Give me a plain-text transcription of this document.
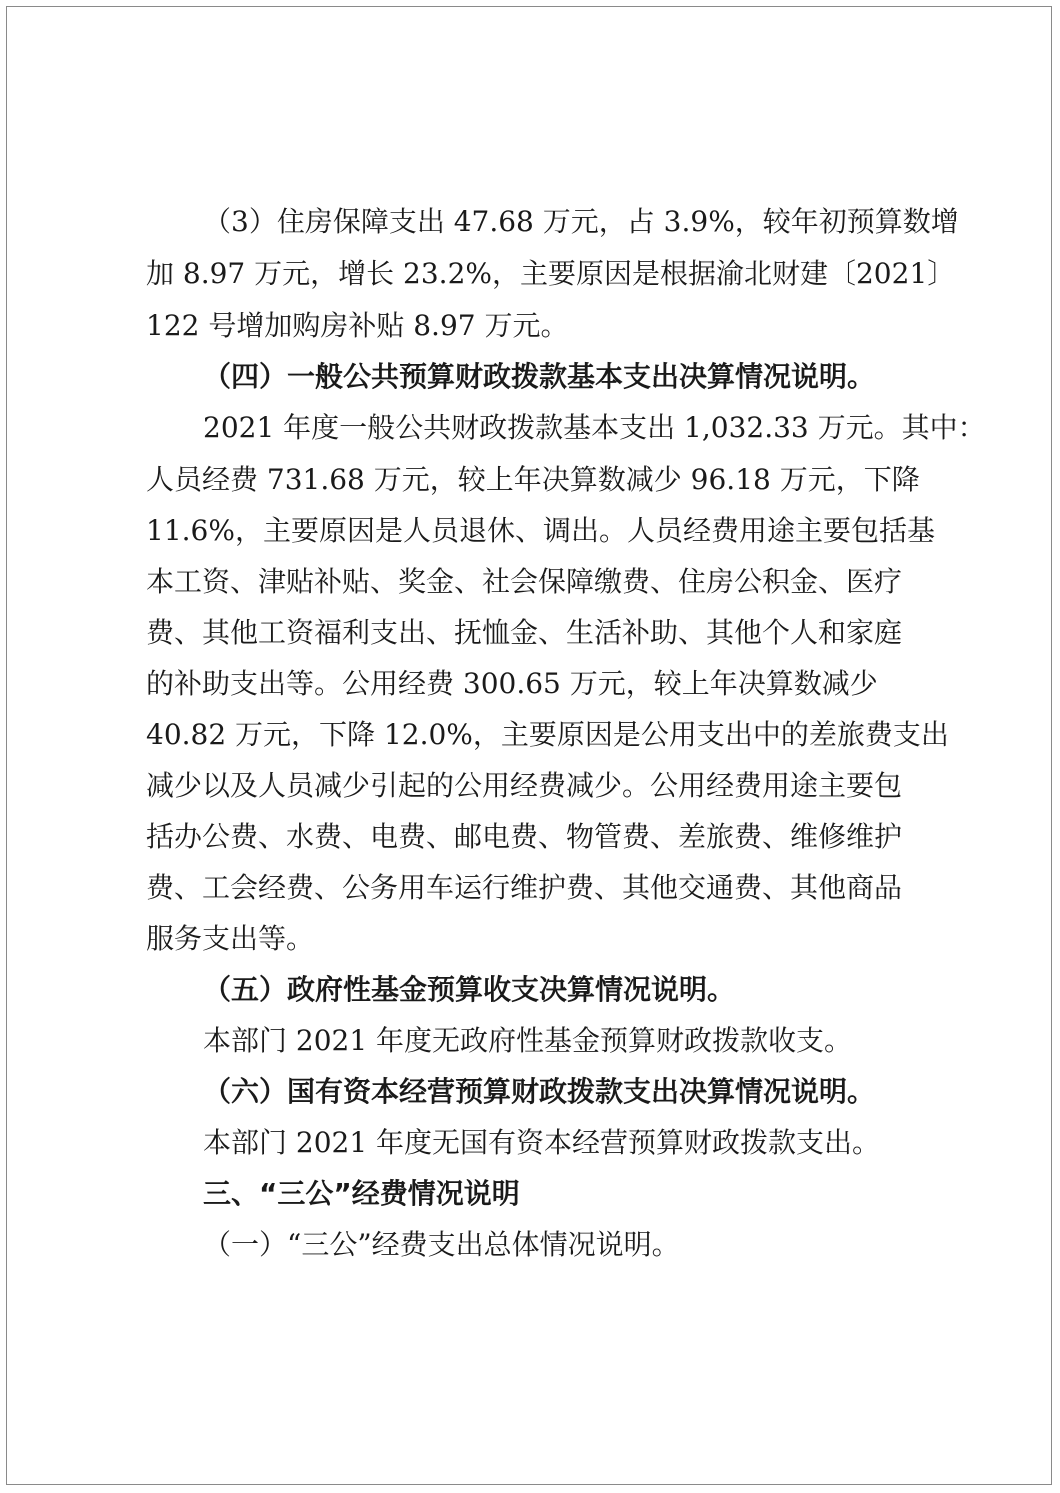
（3）住房保障支出 47.68 万元，占 3.9%，较年初预算数增
加 8.97 万元，增长 23.2%，主要原因是根据渝北财建〔2021〕
122 号增加购房补贴 8.97 万元。
（四）一般公共预算财政拨款基本支出决算情况说明。
2021 年度一般公共财政拨款基本支出 1,032.33 万元。其中：
人员经费 731.68 万元，较上年决算数减少 96.18 万元，下降
11.6%，主要原因是人员退休、调出。人员经费用途主要包括基
本工资、津贴补贴、奖金、社会保障缴费、住房公积金、医疗
费、其他工资福利支出、抚恤金、生活补助、其他个人和家庭
的补助支出等。公用经费 300.65 万元，较上年决算数减少
40.82 万元，下降 12.0%，主要原因是公用支出中的差旅费支出
减少以及人员减少引起的公用经费减少。公用经费用途主要包
括办公费、水费、电费、邮电费、物管费、差旅费、维修维护
费、工会经费、公务用车运行维护费、其他交通费、其他商品
服务支出等。
（五）政府性基金预算收支决算情况说明。
本部门 2021 年度无政府性基金预算财政拨款收支。
（六）国有资本经营预算财政拨款支出决算情况说明。
本部门 2021 年度无国有资本经营预算财政拨款支出。
三、“三公”经费情况说明
（一）“三公”经费支出总体情况说明。
